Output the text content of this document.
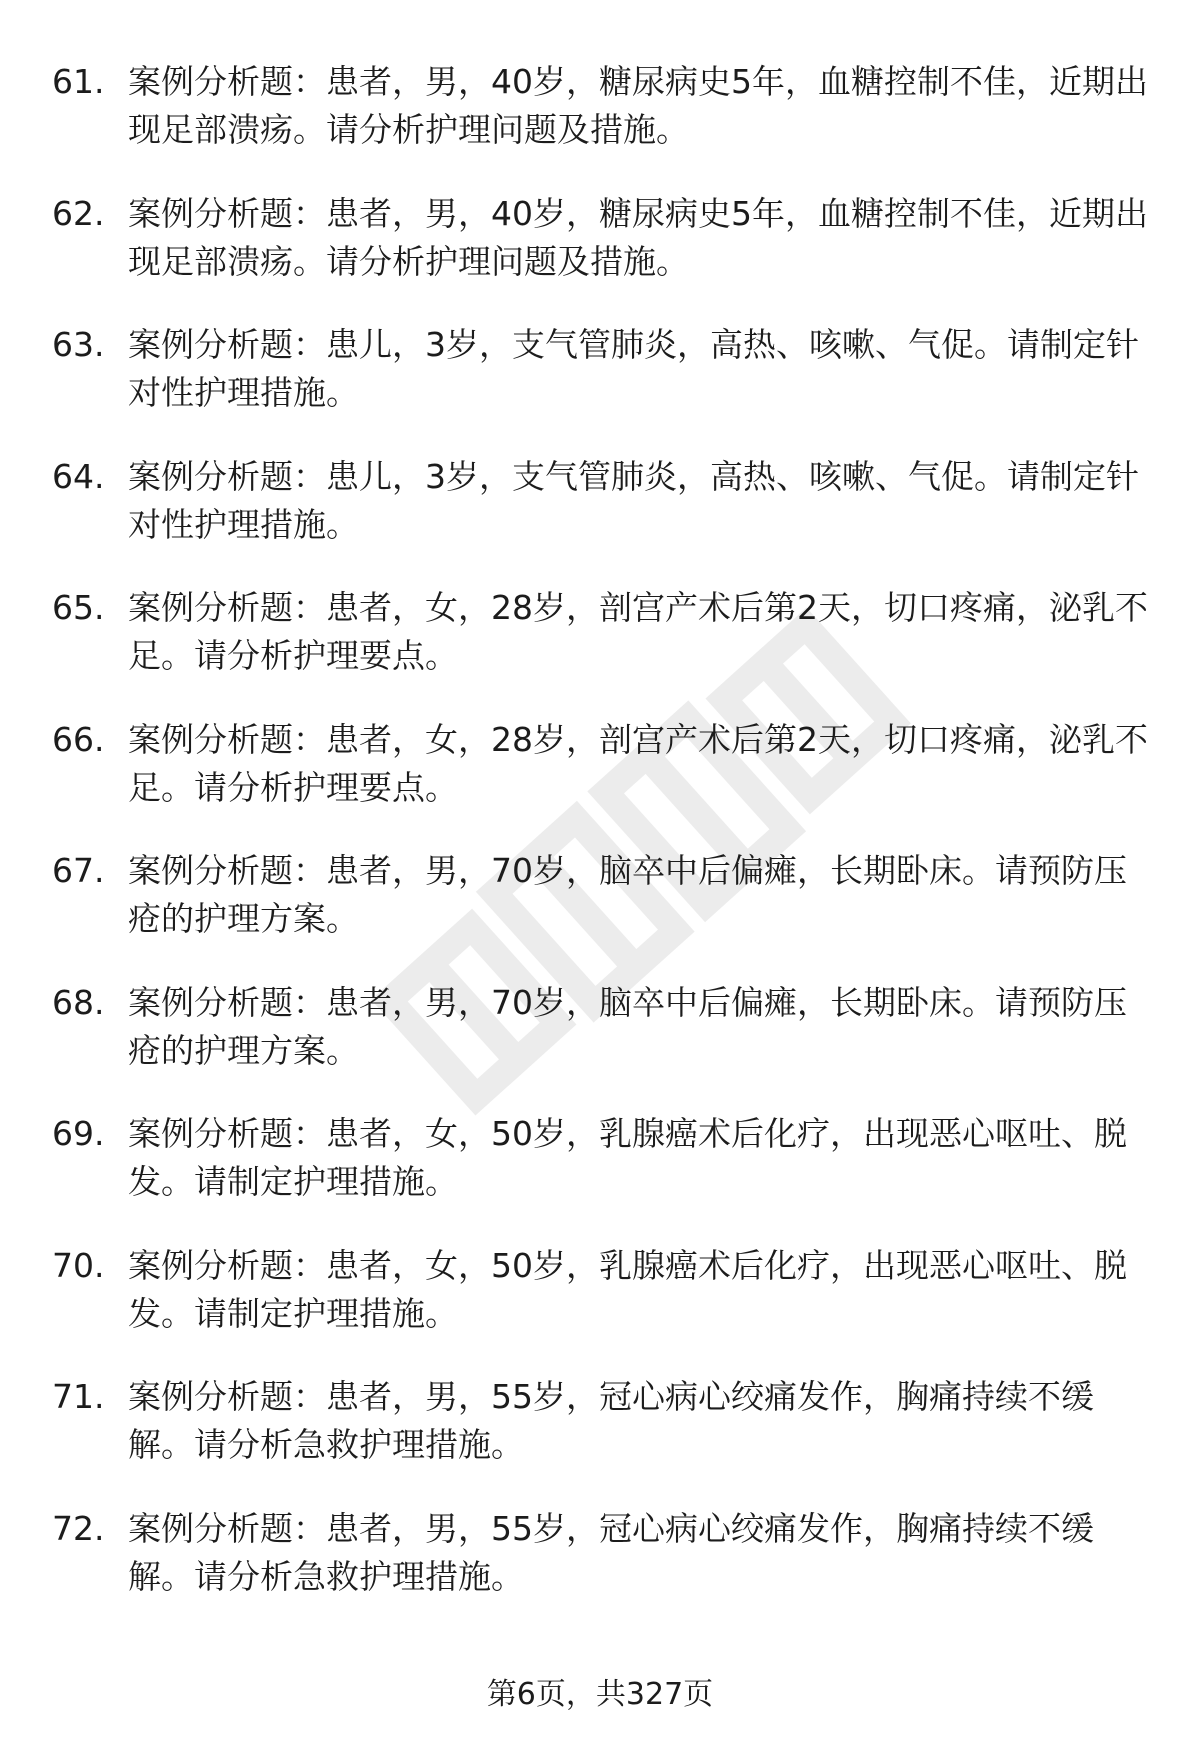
61. 案例分析题：患者，男，40岁，糖尿病史5年，血糖控制不佳，近期出现足部溃疡。请分析护理问题及措施。
62. 案例分析题：患者，男，40岁，糖尿病史5年，血糖控制不佳，近期出现足部溃疡。请分析护理问题及措施。
63. 案例分析题：患儿，3岁，支气管肺炎，高热、咳嗽、气促。请制定针对性护理措施。
64. 案例分析题：患儿，3岁，支气管肺炎，高热、咳嗽、气促。请制定针对性护理措施。
65. 案例分析题：患者，女，28岁，剖宫产术后第2天，切口疼痛，泌乳不足。请分析护理要点。
66. 案例分析题：患者，女，28岁，剖宫产术后第2天，切口疼痛，泌乳不足。请分析护理要点。
67. 案例分析题：患者，男，70岁，脑卒中后偏瘫，长期卧床。请预防压疮的护理方案。
68. 案例分析题：患者，男，70岁，脑卒中后偏瘫，长期卧床。请预防压疮的护理方案。
69. 案例分析题：患者，女，50岁，乳腺癌术后化疗，出现恶心呕吐、脱发。请制定护理措施。
70. 案例分析题：患者，女，50岁，乳腺癌术后化疗，出现恶心呕吐、脱发。请制定护理措施。
71. 案例分析题：患者，男，55岁，冠心病心绞痛发作，胸痛持续不缓解。请分析急救护理措施。
72. 案例分析题：患者，男，55岁，冠心病心绞痛发作，胸痛持续不缓解。请分析急救护理措施。
第6页，共327页
